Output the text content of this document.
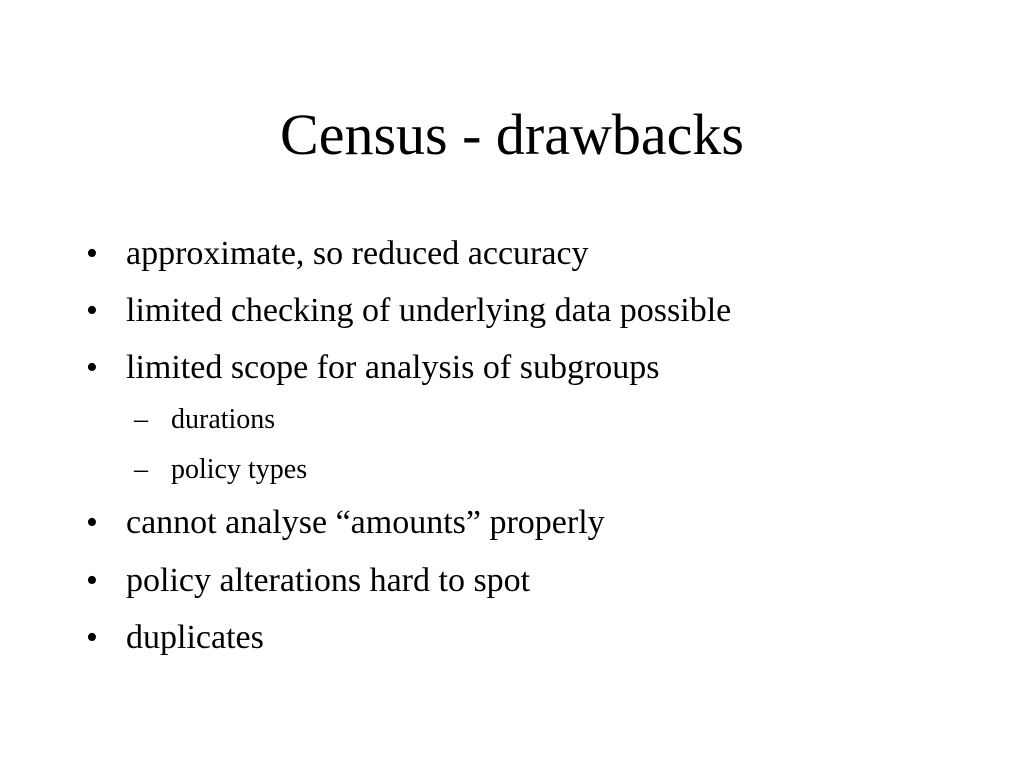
Census - drawbacks
• approximate, so reduced accuracy
• limited checking of underlying data possible
• limited scope for analysis of subgroups
– durations
– policy types
• cannot analyse “amounts” properly
• policy alterations hard to spot
• duplicates
